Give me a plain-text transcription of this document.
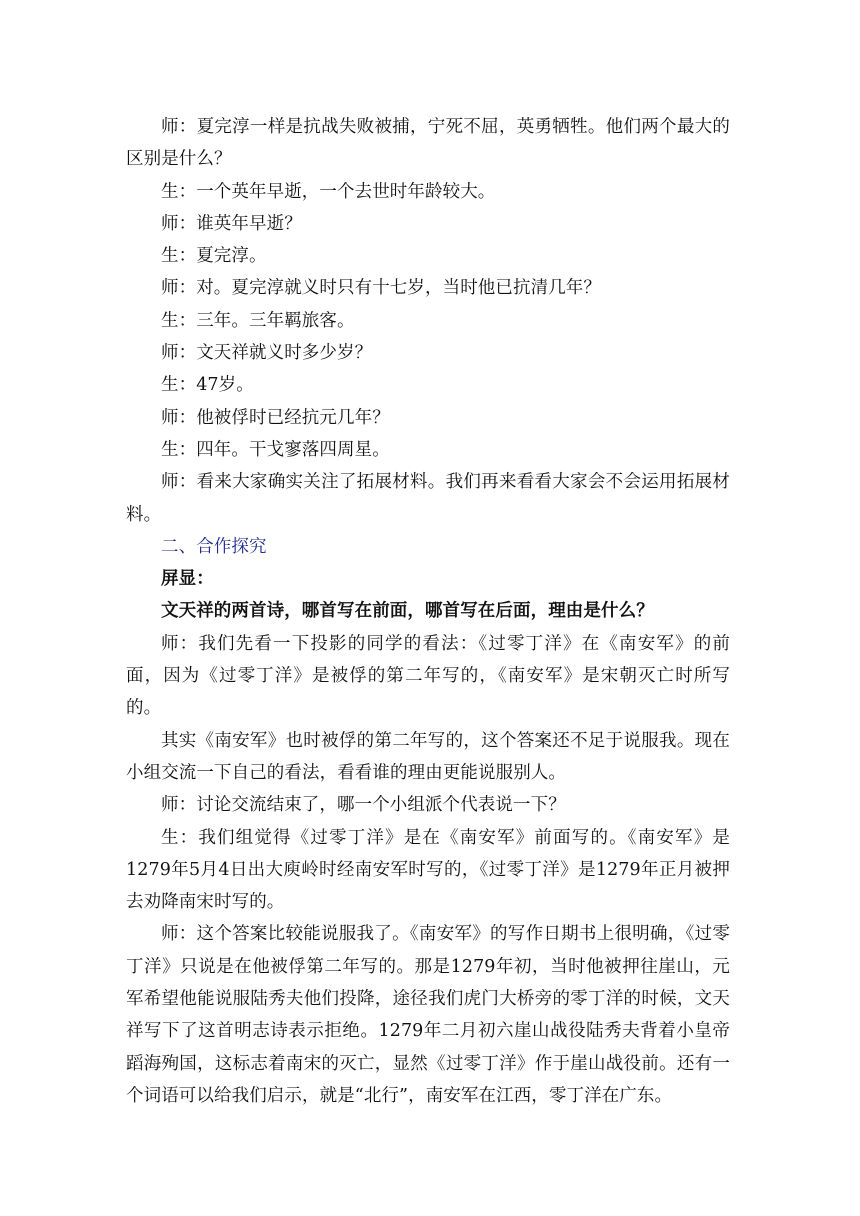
师：夏完淳一样是抗战失败被捕，宁死不屈，英勇牺牲。他们两个最大的区别是什么？

生：一个英年早逝，一个去世时年龄较大。

师：谁英年早逝？

生：夏完淳。

师：对。夏完淳就义时只有十七岁，当时他已抗清几年？

生：三年。三年羁旅客。

师：文天祥就义时多少岁？

生：47岁。

师：他被俘时已经抗元几年？

生：四年。干戈寥落四周星。

师：看来大家确实关注了拓展材料。我们再来看看大家会不会运用拓展材料。

二、合作探究

屏显：

文天祥的两首诗，哪首写在前面，哪首写在后面，理由是什么？

师：我们先看一下投影的同学的看法：《过零丁洋》在《南安军》的前面，因为《过零丁洋》是被俘的第二年写的，《南安军》是宋朝灭亡时所写的。

其实《南安军》也时被俘的第二年写的，这个答案还不足于说服我。现在小组交流一下自己的看法，看看谁的理由更能说服别人。

师：讨论交流结束了，哪一个小组派个代表说一下？

生：我们组觉得《过零丁洋》是在《南安军》前面写的。《南安军》是1279年5月4日出大庾岭时经南安军时写的，《过零丁洋》是1279年正月被押去劝降南宋时写的。

师：这个答案比较能说服我了。《南安军》的写作日期书上很明确，《过零丁洋》只说是在他被俘第二年写的。那是1279年初，当时他被押往崖山，元军希望他能说服陆秀夫他们投降，途径我们虎门大桥旁的零丁洋的时候，文天祥写下了这首明志诗表示拒绝。1279年二月初六崖山战役陆秀夫背着小皇帝蹈海殉国，这标志着南宋的灭亡，显然《过零丁洋》作于崖山战役前。还有一个词语可以给我们启示，就是“北行”，南安军在江西，零丁洋在广东。
